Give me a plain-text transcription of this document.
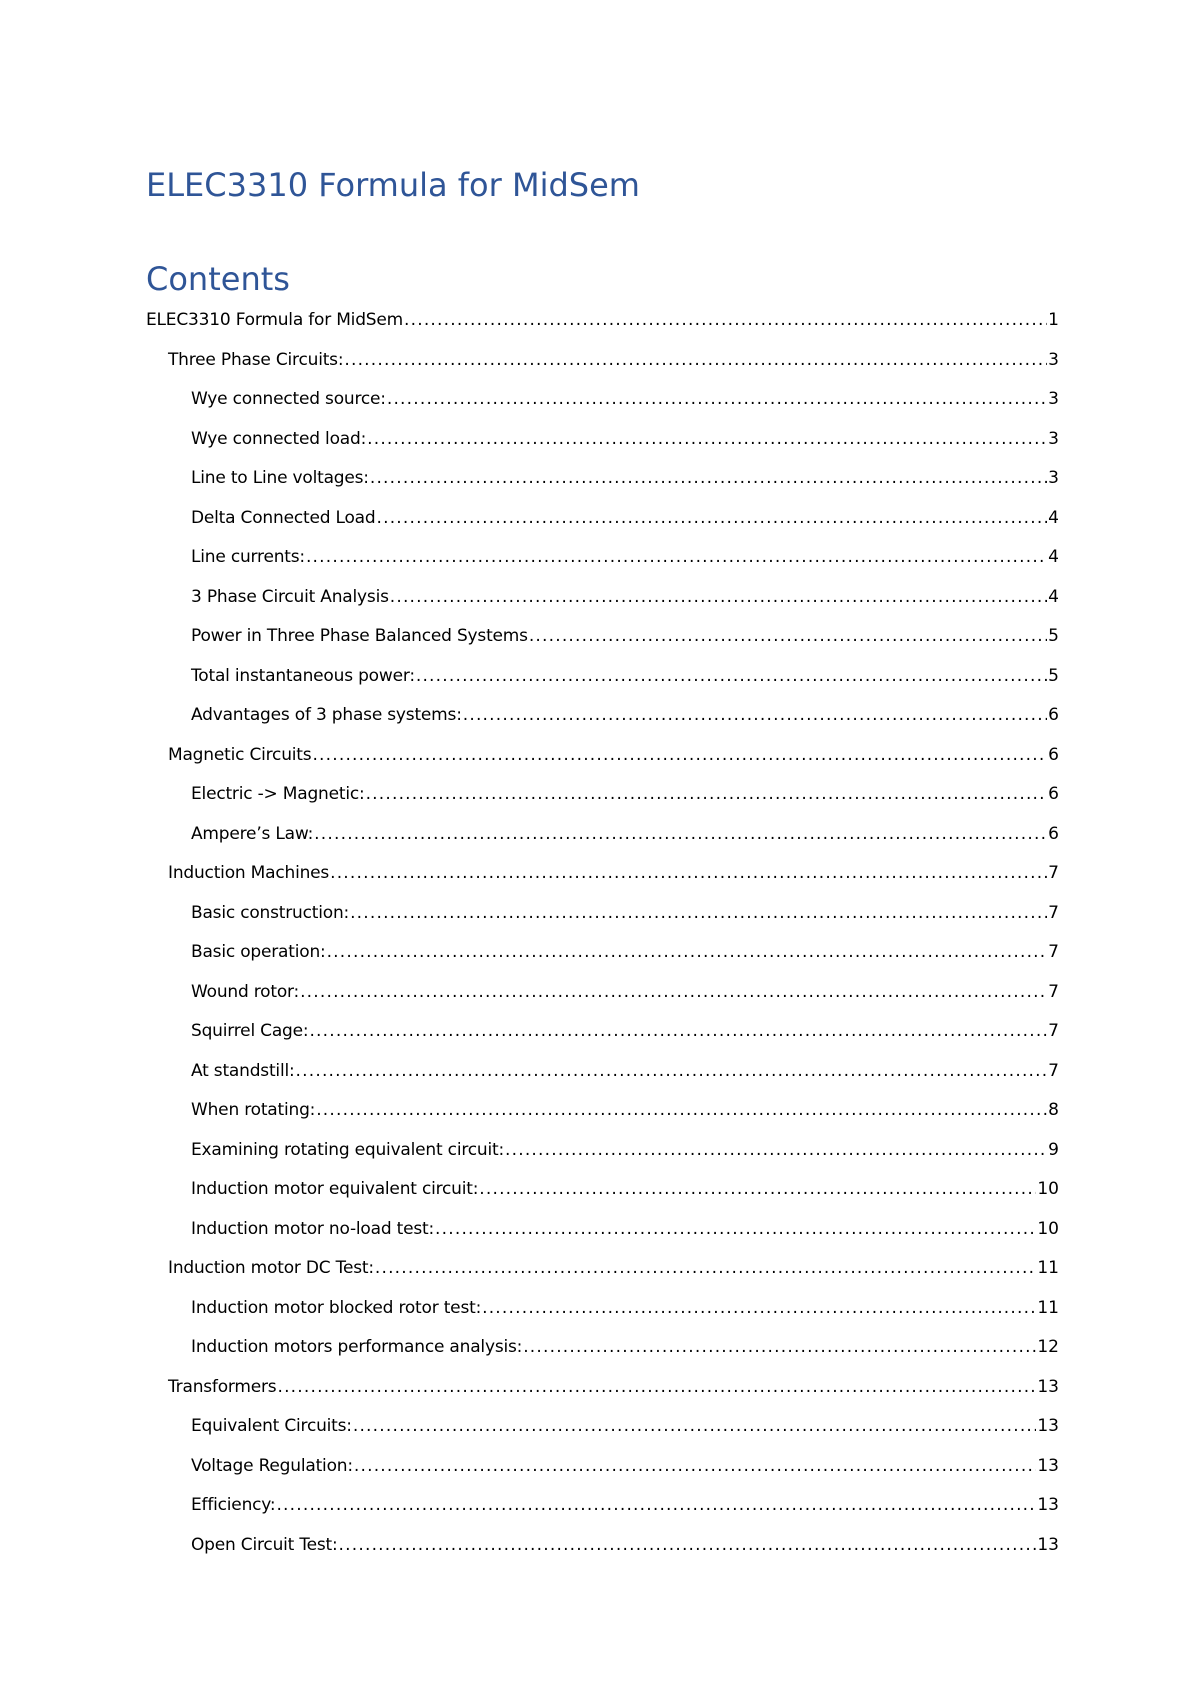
ELEC3310 Formula for MidSem
Contents
ELEC3310 Formula for MidSem .....	1
Three Phase Circuits: .....	3
Wye connected source: .....	3
Wye connected load: .....	3
Line to Line voltages: .....	3
Delta Connected Load .....	4
Line currents: .....	4
3 Phase Circuit Analysis .....	4
Power in Three Phase Balanced Systems .....	5
Total instantaneous power: .....	5
Advantages of 3 phase systems: .....	6
Magnetic Circuits .....	6
Electric -> Magnetic: .....	6
Ampere’s Law: .....	6
Induction Machines .....	7
Basic construction: .....	7
Basic operation: .....	7
Wound rotor: .....	7
Squirrel Cage: .....	7
At standstill: .....	7
When rotating: .....	8
Examining rotating equivalent circuit: .....	9
Induction motor equivalent circuit: .....	10
Induction motor no-load test: .....	10
Induction motor DC Test: .....	11
Induction motor blocked rotor test: .....	11
Induction motors performance analysis: .....	12
Transformers .....	13
Equivalent Circuits: .....	13
Voltage Regulation: .....	13
Efficiency: .....	13
Open Circuit Test: .....	13
